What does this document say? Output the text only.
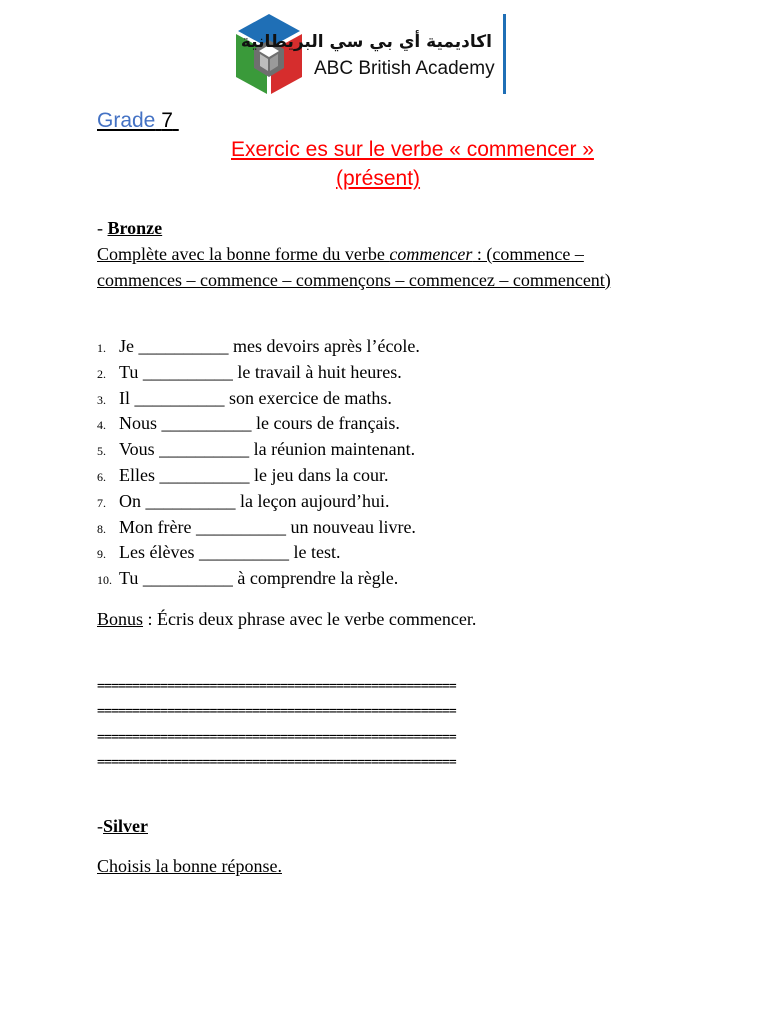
اكاديمية أي بي سي البريطانية
ABC British Academy
Grade 7
Exercic es sur le verbe « commencer »
(présent)
- Bronze
Complète avec la bonne forme du verbe commencer : (commence – commences – commence – commençons – commencez – commencent)
1. Je __________ mes devoirs après l’école.
2. Tu __________ le travail à huit heures.
3. Il __________ son exercice de maths.
4. Nous __________ le cours de français.
5. Vous __________ la réunion maintenant.
6. Elles __________ le jeu dans la cour.
7. On __________ la leçon aujourd’hui.
8. Mon frère __________ un nouveau livre.
9. Les élèves __________ le test.
10. Tu __________ à comprendre la règle.
Bonus : Écris deux phrase avec le verbe commencer.
===================================================
===================================================
===================================================
===================================================
-Silver
Choisis la bonne réponse.
